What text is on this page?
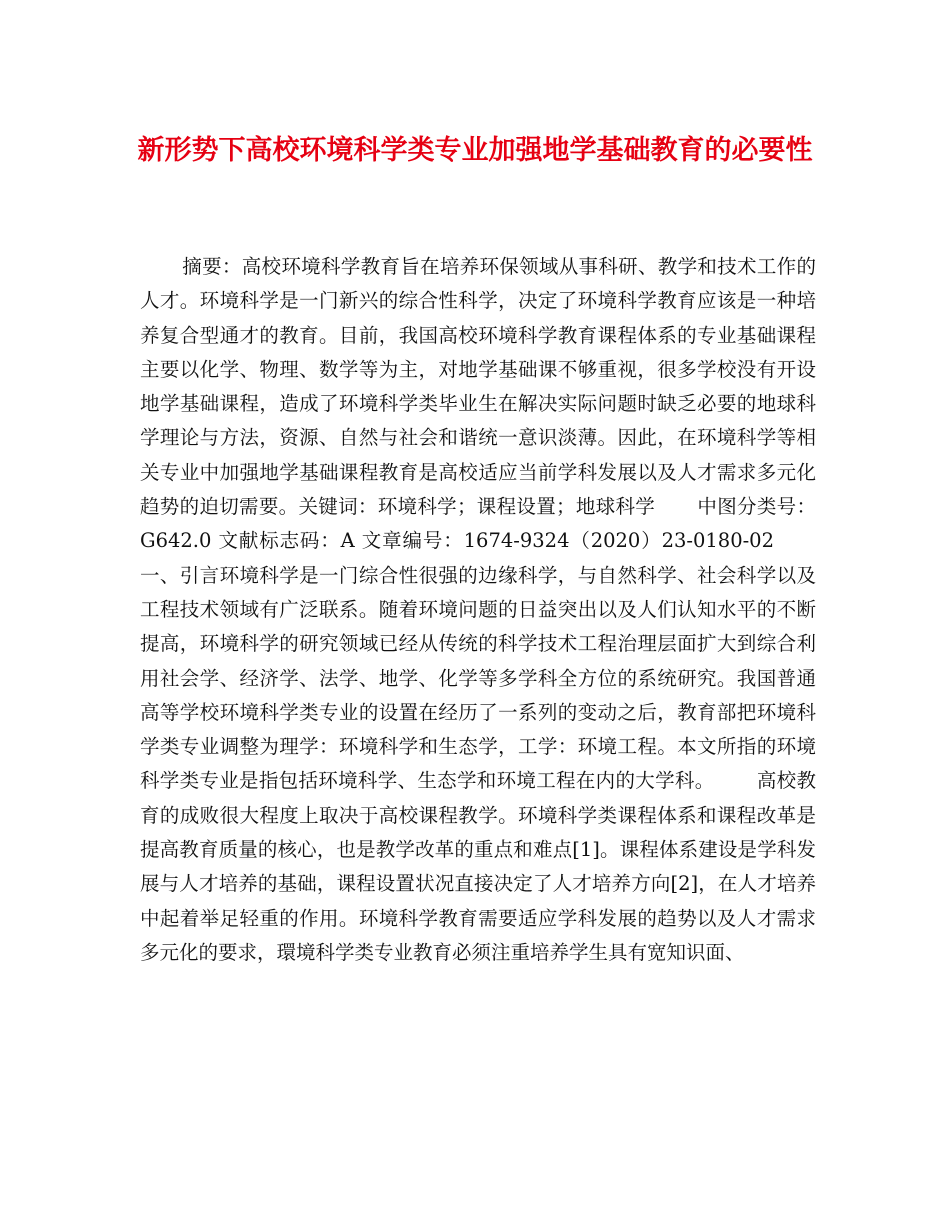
新形势下高校环境科学类专业加强地学基础教育的必要性

摘要：高校环境科学教育旨在培养环保领域从事科研、教学和技术工作的人才。环境科学是一门新兴的综合性科学，决定了环境科学教育应该是一种培养复合型通才的教育。目前，我国高校环境科学教育课程体系的专业基础课程主要以化学、物理、数学等为主，对地学基础课不够重视，很多学校没有开设地学基础课程，造成了环境科学类毕业生在解决实际问题时缺乏必要的地球科学理论与方法，资源、自然与社会和谐统一意识淡薄。因此，在环境科学等相关专业中加强地学基础课程教育是高校适应当前学科发展以及人才需求多元化趋势的迫切需要。关键词：环境科学；课程设置；地球科学 中图分类号：G642.0 文献标志码：A 文章编号：1674-9324（2020）23-0180-02一、引言环境科学是一门综合性很强的边缘科学，与自然科学、社会科学以及工程技术领域有广泛联系。随着环境问题的日益突出以及人们认知水平的不断提高，环境科学的研究领域已经从传统的科学技术工程治理层面扩大到综合利用社会学、经济学、法学、地学、化学等多学科全方位的系统研究。我国普通高等学校环境科学类专业的设置在经历了一系列的变动之后，教育部把环境科学类专业调整为理学：环境科学和生态学，工学：环境工程。本文所指的环境科学类专业是指包括环境科学、生态学和环境工程在内的大学科。 高校教育的成败很大程度上取决于高校课程教学。环境科学类课程体系和课程改革是提高教育质量的核心，也是教学改革的重点和难点[1]。课程体系建设是学科发展与人才培养的基础，课程设置状况直接决定了人才培养方向[2]，在人才培养中起着举足轻重的作用。环境科学教育需要适应学科发展的趋势以及人才需求多元化的要求，環境科学类专业教育必须注重培养学生具有宽知识面、
